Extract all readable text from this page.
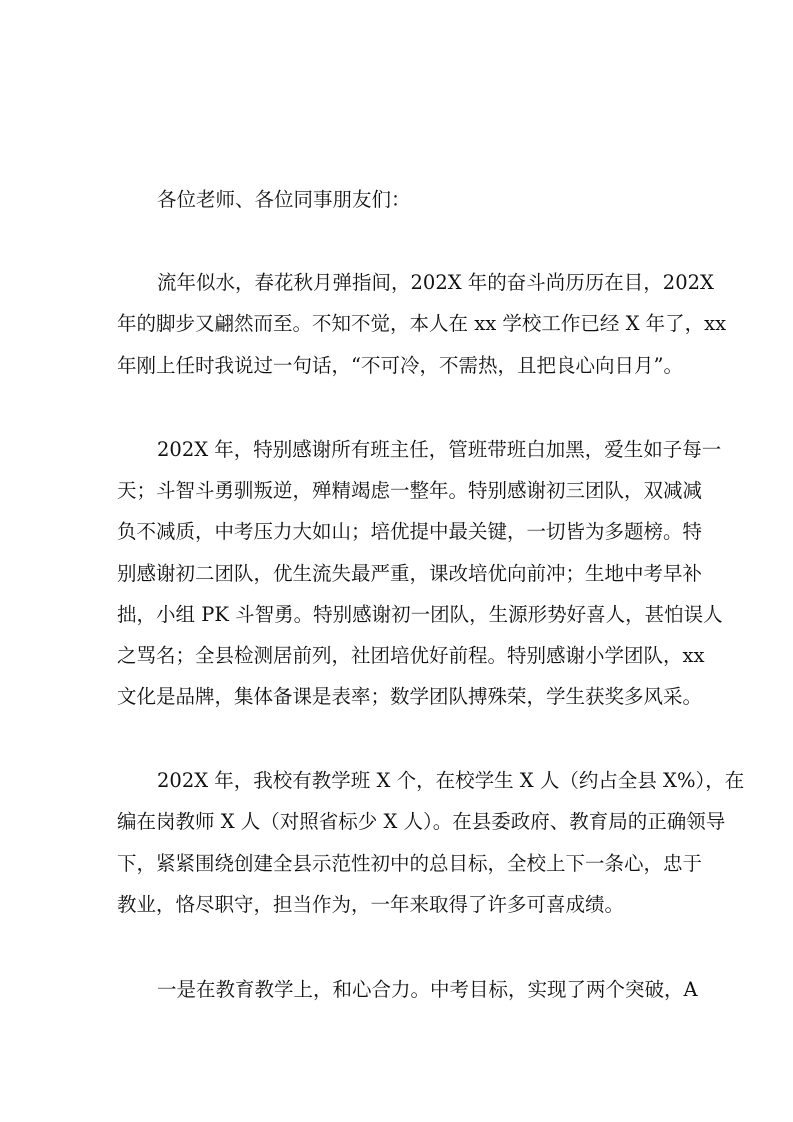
各位老师、各位同事朋友们：
流年似水，春花秋月弹指间，202X 年的奋斗尚历历在目，202X
年的脚步又翩然而至。不知不觉，本人在 xx 学校工作已经 X 年了，xx
年刚上任时我说过一句话，“不可冷，不需热，且把良心向日月”。
202X 年，特别感谢所有班主任，管班带班白加黑，爱生如子每一
天；斗智斗勇驯叛逆，殚精竭虑一整年。特别感谢初三团队，双减减
负不减质，中考压力大如山；培优提中最关键，一切皆为多题榜。特
别感谢初二团队，优生流失最严重，课改培优向前冲；生地中考早补
拙，小组 PK 斗智勇。特别感谢初一团队，生源形势好喜人，甚怕误人
之骂名；全县检测居前列，社团培优好前程。特别感谢小学团队，xx
文化是品牌，集体备课是表率；数学团队搏殊荣，学生获奖多风采。
202X 年，我校有教学班 X 个，在校学生 X 人（约占全县 X%），在
编在岗教师 X 人（对照省标少 X 人）。在县委政府、教育局的正确领导
下，紧紧围绕创建全县示范性初中的总目标，全校上下一条心，忠于
教业，恪尽职守，担当作为，一年来取得了许多可喜成绩。
一是在教育教学上，和心合力。中考目标，实现了两个突破，A
